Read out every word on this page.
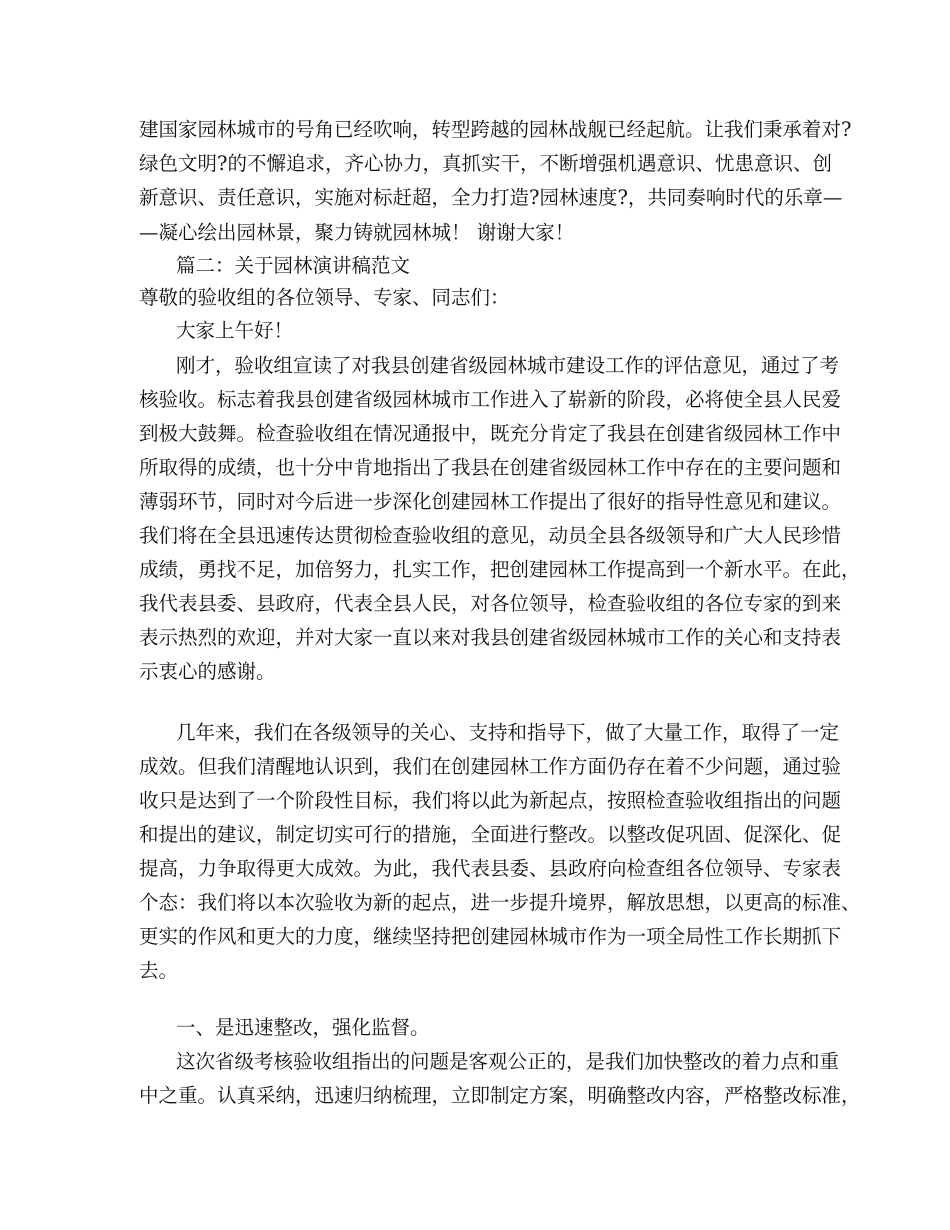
建国家园林城市的号角已经吹响，转型跨越的园林战舰已经起航。让我们秉承着对?

绿色文明?的不懈追求，齐心协力，真抓实干，不断增强机遇意识、忧患意识、创

新意识、责任意识，实施对标赶超，全力打造?园林速度?，共同奏响时代的乐章—

—凝心绘出园林景，聚力铸就园林城！ 谢谢大家！

篇二：关于园林演讲稿范文

尊敬的验收组的各位领导、专家、同志们：

大家上午好！

刚才，验收组宣读了对我县创建省级园林城市建设工作的评估意见，通过了考

核验收。标志着我县创建省级园林城市工作进入了崭新的阶段，必将使全县人民爱

到极大鼓舞。检查验收组在情况通报中，既充分肯定了我县在创建省级园林工作中

所取得的成绩，也十分中肯地指出了我县在创建省级园林工作中存在的主要问题和

薄弱环节，同时对今后进一步深化创建园林工作提出了很好的指导性意见和建议。

我们将在全县迅速传达贯彻检查验收组的意见，动员全县各级领导和广大人民珍惜

成绩，勇找不足，加倍努力，扎实工作，把创建园林工作提高到一个新水平。在此，

我代表县委、县政府，代表全县人民，对各位领导，检查验收组的各位专家的到来

表示热烈的欢迎，并对大家一直以来对我县创建省级园林城市工作的关心和支持表

示衷心的感谢。

几年来，我们在各级领导的关心、支持和指导下，做了大量工作，取得了一定

成效。但我们清醒地认识到，我们在创建园林工作方面仍存在着不少问题，通过验

收只是达到了一个阶段性目标，我们将以此为新起点，按照检查验收组指出的问题

和提出的建议，制定切实可行的措施，全面进行整改。以整改促巩固、促深化、促

提高，力争取得更大成效。为此，我代表县委、县政府向检查组各位领导、专家表

个态：我们将以本次验收为新的起点，进一步提升境界，解放思想，以更高的标准、

更实的作风和更大的力度，继续坚持把创建园林城市作为一项全局性工作长期抓下

去。

一、是迅速整改，强化监督。

这次省级考核验收组指出的问题是客观公正的，是我们加快整改的着力点和重

中之重。认真采纳，迅速归纳梳理，立即制定方案，明确整改内容，严格整改标准，
